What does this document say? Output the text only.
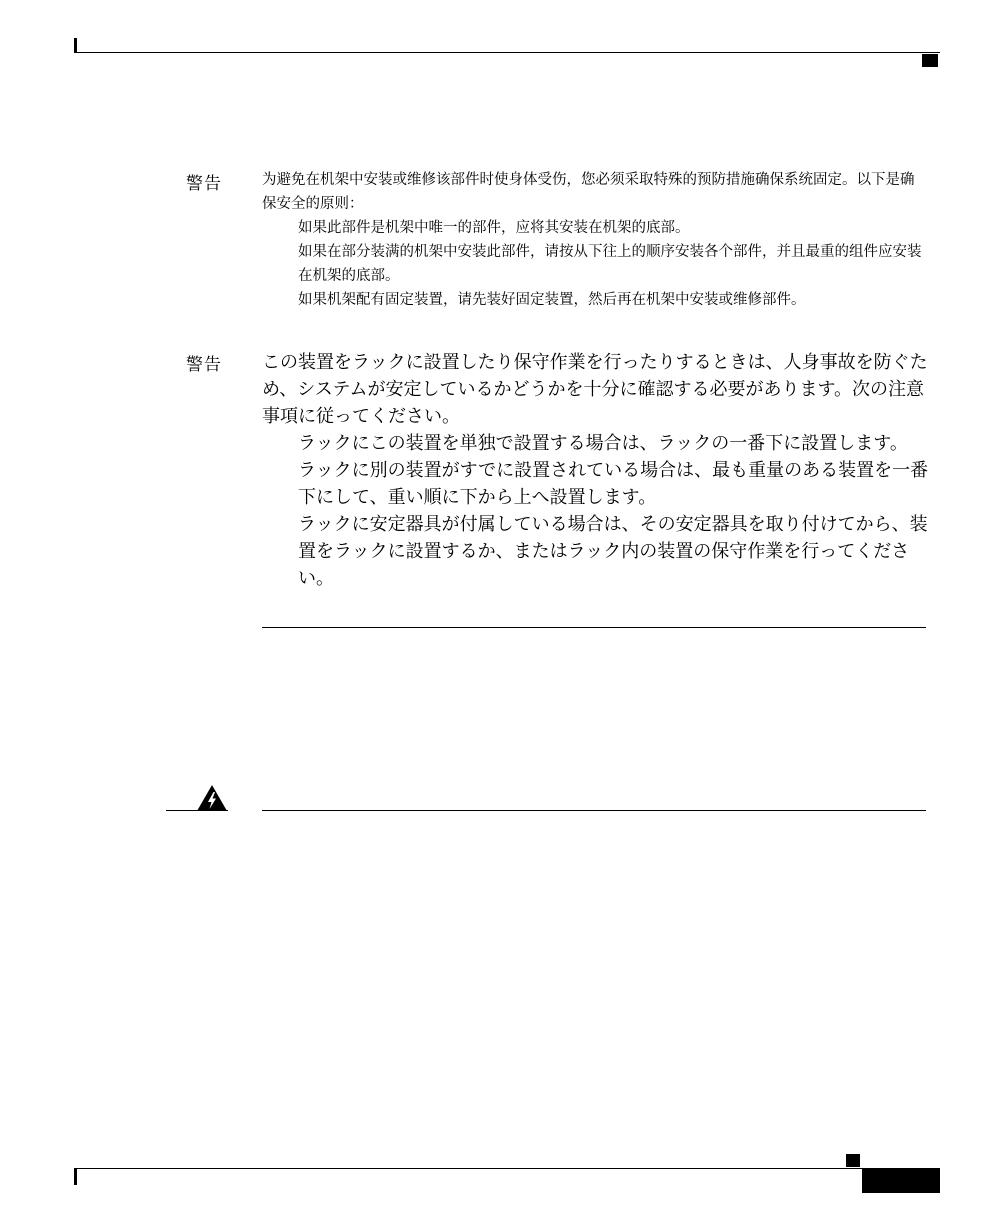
警告	为避免在机架中安装或维修该部件时使身体受伤，您必须采取特殊的预防措施确保系统固定。以下是确保安全的原则：

如果此部件是机架中唯一的部件，应将其安装在机架的底部。
如果在部分装满的机架中安装此部件，请按从下往上的顺序安装各个部件，并且最重的组件应安装在机架的底部。
如果机架配有固定装置，请先装好固定装置，然后再在机架中安装或维修部件。
警告 この装置をラックに設置したり保守作業を行ったりするときは、人身事故を防ぐため、システムが安定しているかどうかを十分に確認する必要があります。次の注意事項に従ってください。

ラックにこの装置を単独で設置する場合は、ラックの一番下に設置します。
ラックに別の装置がすでに設置されている場合は、最も重量のある装置を一番下にして、重い順に下から上へ設置します。
ラックに安定器具が付属している場合は、その安定器具を取り付けてから、装置をラックに設置するか、またはラック内の装置の保守作業を行ってください。
